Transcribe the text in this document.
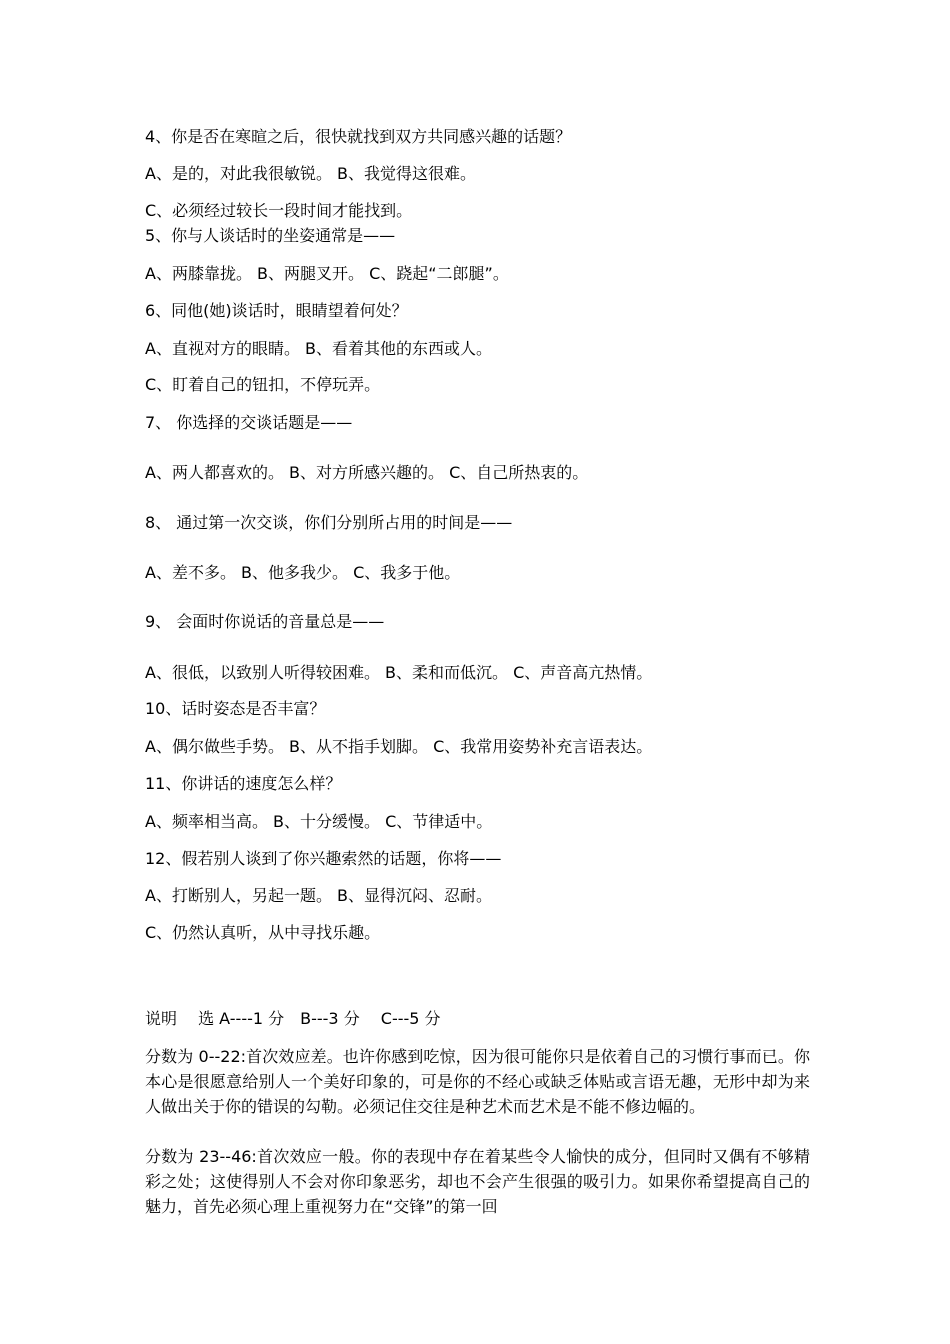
4、你是否在寒暄之后，很快就找到双方共同感兴趣的话题？
A、是的，对此我很敏锐。 B、我觉得这很难。
C、必须经过较长一段时间才能找到。
5、你与人谈话时的坐姿通常是——
A、两膝靠拢。 B、两腿叉开。 C、跷起“二郎腿”。
6、同他(她)谈话时，眼睛望着何处？
A、直视对方的眼睛。 B、看着其他的东西或人。
C、盯着自己的钮扣，不停玩弄。
7、 你选择的交谈话题是——
A、两人都喜欢的。 B、对方所感兴趣的。 C、自己所热衷的。
8、 通过第一次交谈，你们分别所占用的时间是——
A、差不多。 B、他多我少。 C、我多于他。
9、 会面时你说话的音量总是——
A、很低，以致别人听得较困难。 B、柔和而低沉。 C、声音高亢热情。
10、话时姿态是否丰富？
A、偶尔做些手势。 B、从不指手划脚。 C、我常用姿势补充言语表达。
11、你讲话的速度怎么样？
A、频率相当高。 B、十分缓慢。 C、节律适中。
12、假若别人谈到了你兴趣索然的话题，你将——
A、打断别人，另起一题。 B、显得沉闷、忍耐。
C、仍然认真听，从中寻找乐趣。
说明　 选 A----1 分　B---3 分　 C---5 分
分数为 0--22:首次效应差。也许你感到吃惊，因为很可能你只是依着自己的习惯行事而已。你本心是很愿意给别人一个美好印象的，可是你的不经心或缺乏体贴或言语无趣，无形中却为来人做出关于你的错误的勾勒。必须记住交往是种艺术而艺术是不能不修边幅的。
分数为 23--46:首次效应一般。你的表现中存在着某些令人愉快的成分，但同时又偶有不够精彩之处；这使得别人不会对你印象恶劣，却也不会产生很强的吸引力。如果你希望提高自己的魅力，首先必须心理上重视努力在“交锋”的第一回
